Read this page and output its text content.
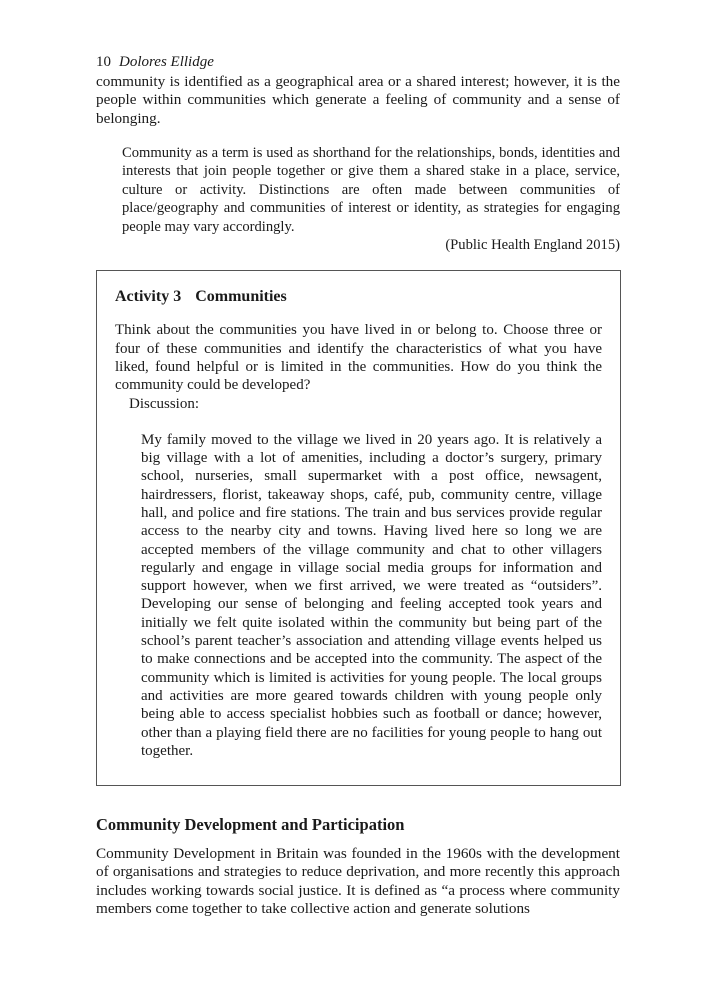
10 Dolores Ellidge

community is identified as a geographical area or a shared interest; however, it is the people within communities which generate a feeling of community and a sense of belonging.

Community as a term is used as shorthand for the relationships, bonds, identities and interests that join people together or give them a shared stake in a place, service, culture or activity. Distinctions are often made between communities of place/geography and communities of interest or identity, as strategies for engaging people may vary accordingly.

(Public Health England 2015)

Activity 3 Communities

Think about the communities you have lived in or belong to. Choose three or four of these communities and identify the characteristics of what you have liked, found helpful or is limited in the communities. How do you think the community could be developed?

Discussion:

My family moved to the village we lived in 20 years ago. It is relatively a big village with a lot of amenities, including a doctor’s surgery, primary school, nurseries, small supermarket with a post office, newsagent, hairdressers, florist, takeaway shops, café, pub, community centre, village hall, and police and fire stations. The train and bus services provide regular access to the nearby city and towns. Having lived here so long we are accepted members of the village community and chat to other villagers regularly and engage in village social media groups for information and support however, when we first arrived, we were treated as “outsiders”. Developing our sense of belonging and feeling accepted took years and initially we felt quite isolated within the community but being part of the school’s parent teacher’s association and attending village events helped us to make connections and be accepted into the community. The aspect of the community which is limited is activities for young people. The local groups and activities are more geared towards children with young people only being able to access specialist hobbies such as football or dance; however, other than a playing field there are no facilities for young people to hang out together.

Community Development and Participation

Community Development in Britain was founded in the 1960s with the development of organisations and strategies to reduce deprivation, and more recently this approach includes working towards social justice. It is defined as “a process where community members come together to take collective action and generate solutions
